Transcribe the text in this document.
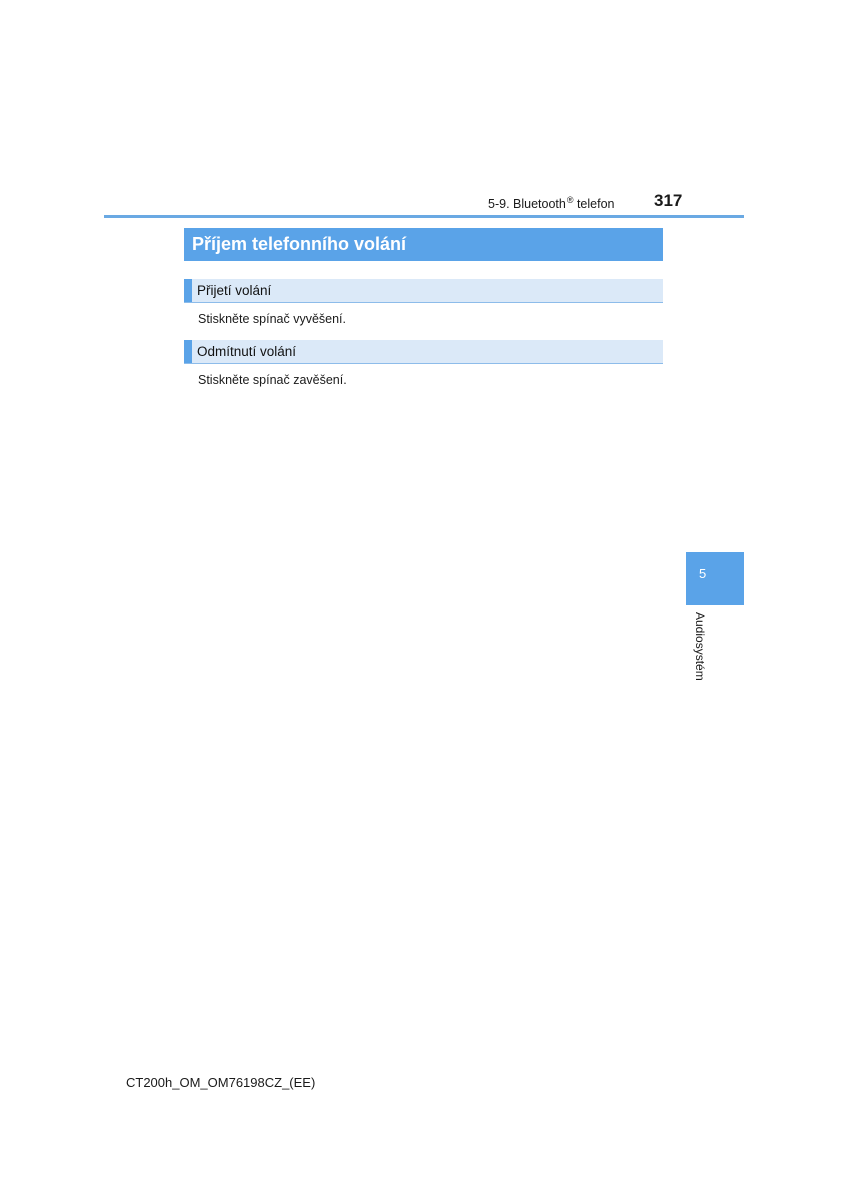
5-9. Bluetooth® telefon 317
Příjem telefonního volání
Přijetí volání
Stiskněte spínač vyvěšení.
Odmítnutí volání
Stiskněte spínač zavěšení.
5
Audiosystém
CT200h_OM_OM76198CZ_(EE)
